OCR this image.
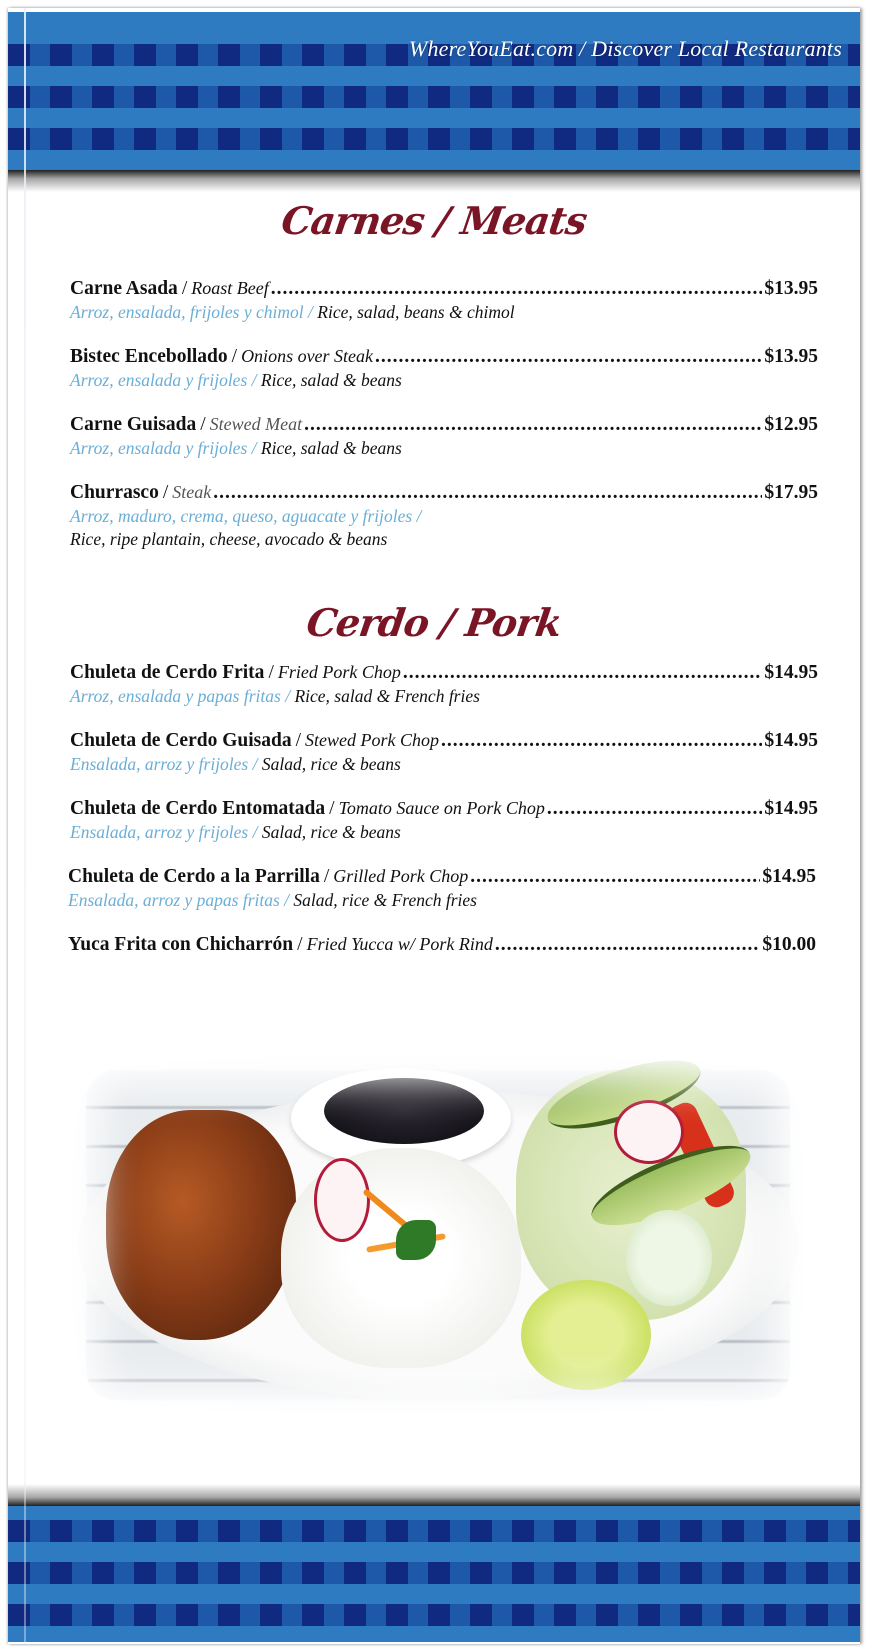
WhereYouEat.com / Discover Local Restaurants
Carnes / Meats
Carne Asada / Roast Beef .....	$13.95
Arroz, ensalada, frijoles y chimol / Rice, salad, beans & chimol
Bistec Encebollado / Onions over Steak .....	$13.95
Arroz, ensalada y frijoles / Rice, salad & beans
Carne Guisada / Stewed Meat .....	$12.95
Arroz, ensalada y frijoles / Rice, salad & beans
Churrasco / Steak .....	$17.95
Arroz, maduro, crema, queso, aguacate y frijoles /
Rice, ripe plantain, cheese, avocado & beans
Cerdo / Pork
Chuleta de Cerdo Frita / Fried Pork Chop .....	$14.95
Arroz, ensalada y papas fritas / Rice, salad & French fries
Chuleta de Cerdo Guisada / Stewed Pork Chop .....	$14.95
Ensalada, arroz y frijoles / Salad, rice & beans
Chuleta de Cerdo Entomatada / Tomato Sauce on Pork Chop .....	$14.95
Ensalada, arroz y frijoles / Salad, rice & beans
Chuleta de Cerdo a la Parrilla / Grilled Pork Chop .....	$14.95
Ensalada, arroz y papas fritas / Salad, rice & French fries
Yuca Frita con Chicharrón / Fried Yucca w/ Pork Rind .....	$10.00
